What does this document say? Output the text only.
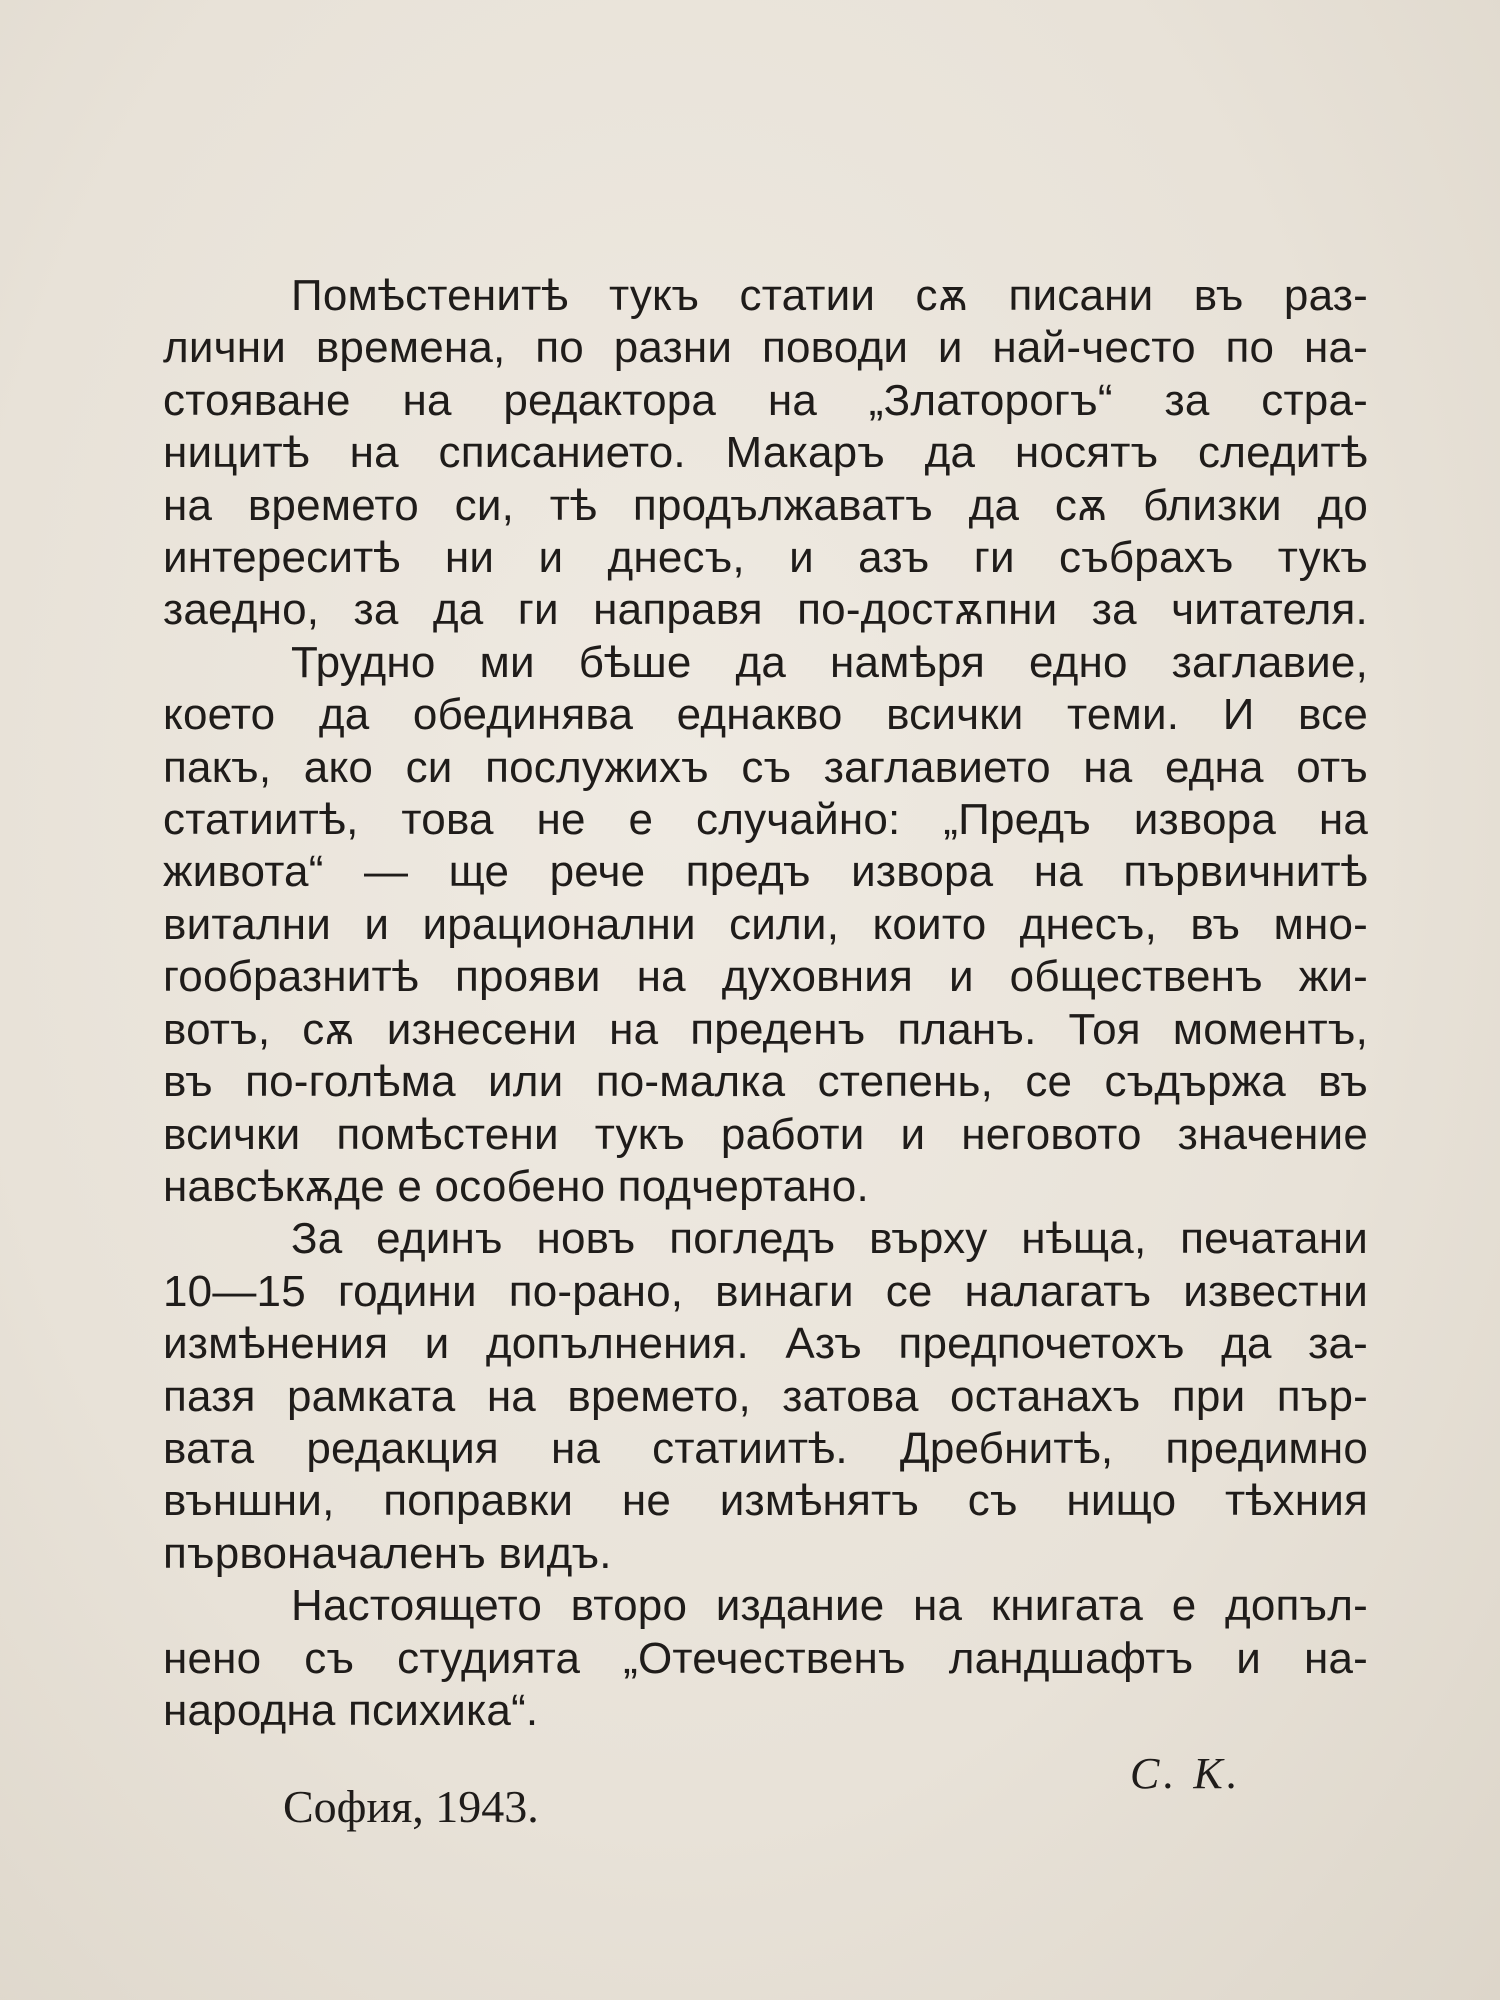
Помѣстенитѣ тукъ статии сѫ писани въ раз-
лични времена, по разни поводи и най-често по на-
стояване на редактора на „Златорогъ“ за стра-
ницитѣ на списанието. Макаръ да носятъ следитѣ
на времето си, тѣ продължаватъ да сѫ близки до
интереситѣ ни и днесъ, и азъ ги събрахъ тукъ
заедно, за да ги направя по-достѫпни за читателя.

Трудно ми бѣше да намѣря едно заглавие,
което да обединява еднакво всички теми. И все
пакъ, ако си послужихъ съ заглавието на една отъ
статиитѣ, това не е случайно: „Предъ извора на
живота“ — ще рече предъ извора на първичнитѣ
витални и ирационални сили, които днесъ, въ мно-
гообразнитѣ прояви на духовния и общественъ жи-
вотъ, сѫ изнесени на преденъ планъ. Тоя моментъ,
въ по-голѣма или по-малка степень, се съдържа въ
всички помѣстени тукъ работи и неговото значение
навсѣкѫде е особено подчертано.

За единъ новъ погледъ върху нѣща, печатани
10—15 години по-рано, винаги се налагатъ известни
измѣнения и допълнения. Азъ предпочетохъ да за-
пазя рамката на времето, затова останахъ при пър-
вата редакция на статиитѣ. Дребнитѣ, предимно
външни, поправки не измѣнятъ съ нищо тѣхния
първоначаленъ видъ.

Настоящето второ издание на книгата е допъл-
нено съ студията „Отечественъ ландшафтъ и на-
народна психика“.

С. К.
София, 1943.
